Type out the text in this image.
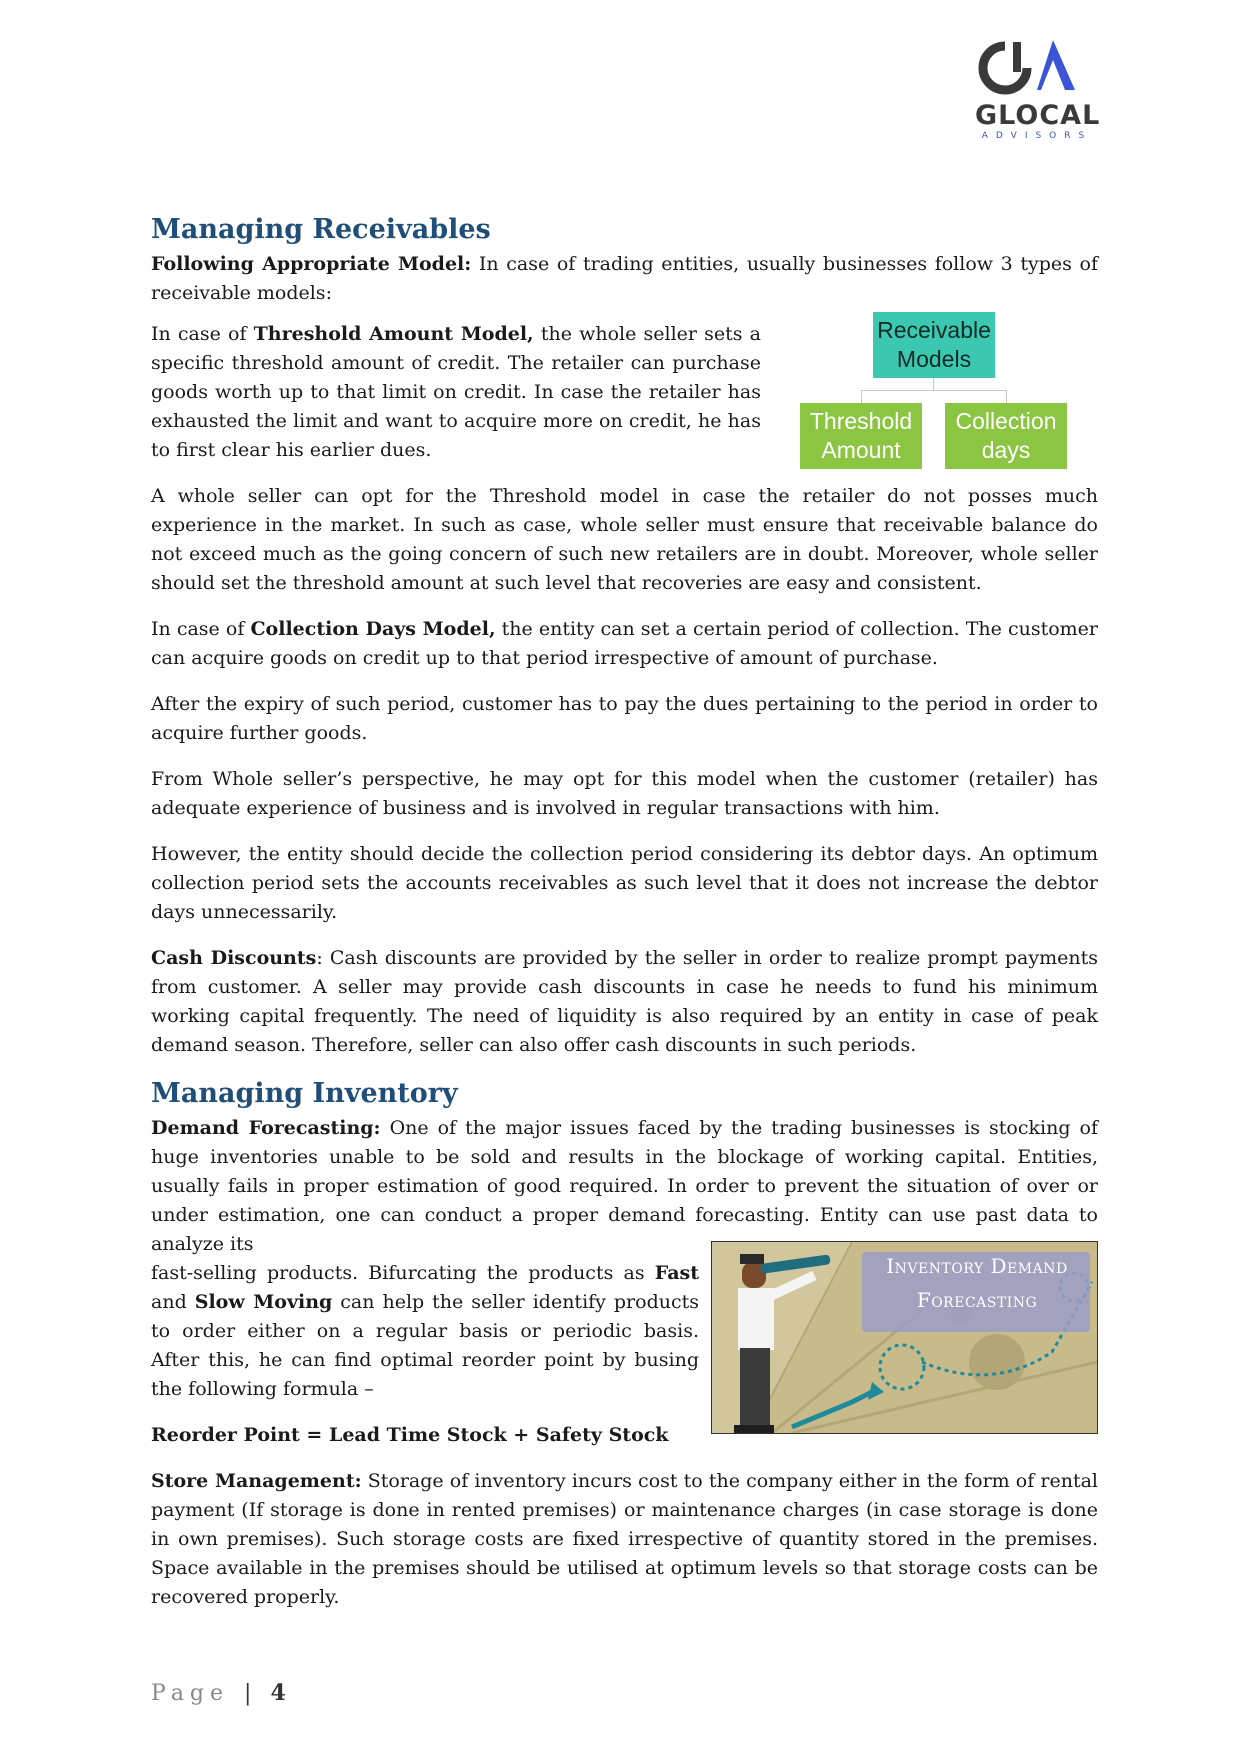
GLOCAL
ADVISORS
Managing Receivables

Following Appropriate Model: In case of trading entities, usually businesses follow 3 types of receivable models:

In case of Threshold Amount Model, the whole seller sets a specific threshold amount of credit. The retailer can purchase goods worth up to that limit on credit. In case the retailer has exhausted the limit and want to acquire more on credit, he has to first clear his earlier dues.

Receivable Models
Threshold Amount
Collection days

A whole seller can opt for the Threshold model in case the retailer do not posses much experience in the market. In such as case, whole seller must ensure that receivable balance do not exceed much as the going concern of such new retailers are in doubt. Moreover, whole seller should set the threshold amount at such level that recoveries are easy and consistent.

In case of Collection Days Model, the entity can set a certain period of collection. The customer can acquire goods on credit up to that period irrespective of amount of purchase.

After the expiry of such period, customer has to pay the dues pertaining to the period in order to acquire further goods.

From Whole seller’s perspective, he may opt for this model when the customer (retailer) has adequate experience of business and is involved in regular transactions with him.

However, the entity should decide the collection period considering its debtor days. An optimum collection period sets the accounts receivables as such level that it does not increase the debtor days unnecessarily.

Cash Discounts: Cash discounts are provided by the seller in order to realize prompt payments from customer. A seller may provide cash discounts in case he needs to fund his minimum working capital frequently. The need of liquidity is also required by an entity in case of peak demand season. Therefore, seller can also offer cash discounts in such periods.

Managing Inventory

Demand Forecasting: One of the major issues faced by the trading businesses is stocking of huge inventories unable to be sold and results in the blockage of working capital. Entities, usually fails in proper estimation of good required. In order to prevent the situation of over or under estimation, one can conduct a proper demand forecasting. Entity can use past data to analyze its

fast-selling products. Bifurcating the products as Fast and Slow Moving can help the seller identify products to order either on a regular basis or periodic basis. After this, he can find optimal reorder point by busing the following formula –

Reorder Point = Lead Time Stock + Safety Stock

Store Management: Storage of inventory incurs cost to the company either in the form of rental payment (If storage is done in rented premises) or maintenance charges (in case storage is done in own premises). Such storage costs are fixed irrespective of quantity stored in the premises. Space available in the premises should be utilised at optimum levels so that storage costs can be recovered properly.

Inventory Demand
Forecasting
Page | 4
